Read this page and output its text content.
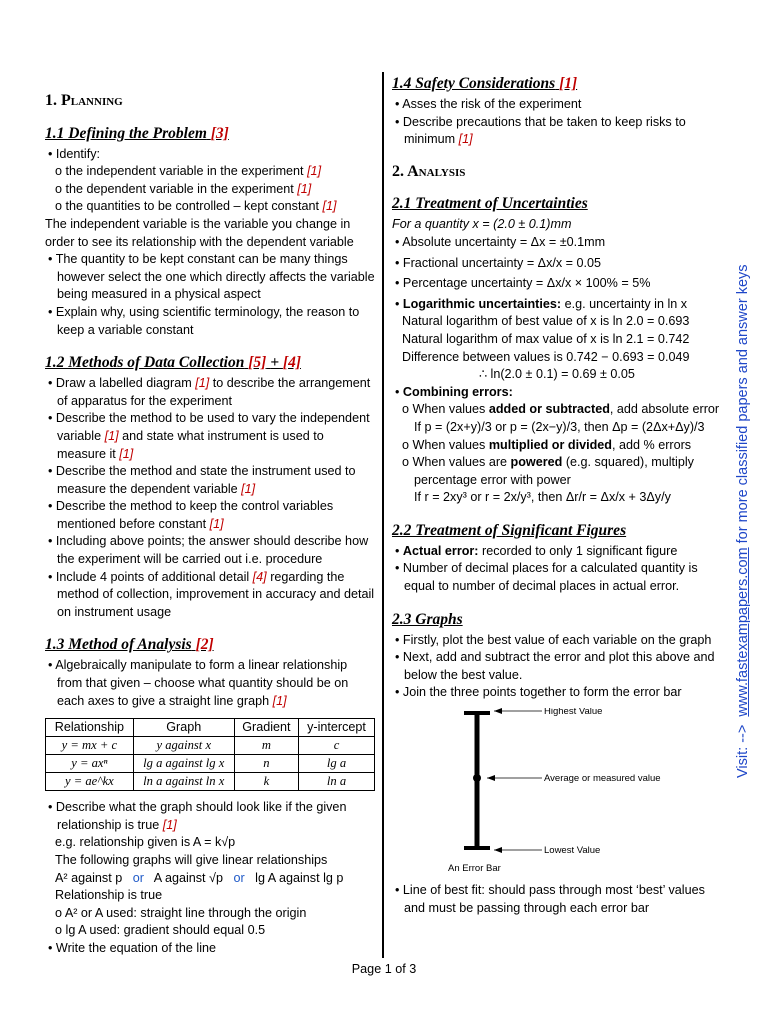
1. Planning
1.1 Defining the Problem [3]
• Identify:
o the independent variable in the experiment [1]
o the dependent variable in the experiment [1]
o the quantities to be controlled – kept constant [1]

The independent variable is the variable you change in order to see its relationship with the dependent variable

• The quantity to be kept constant can be many things however select the one which directly affects the variable being measured in a physical aspect
• Explain why, using scientific terminology, the reason to keep a variable constant
1.2 Methods of Data Collection [5] + [4]
• Draw a labelled diagram [1] to describe the arrangement of apparatus for the experiment
• Describe the method to be used to vary the independent variable [1] and state what instrument is used to measure it [1]
• Describe the method and state the instrument used to measure the dependent variable [1]
• Describe the method to keep the control variables mentioned before constant [1]
• Including above points; the answer should describe how the experiment will be carried out i.e. procedure
• Include 4 points of additional detail [4] regarding the method of collection, improvement in accuracy and detail on instrument usage
1.3 Method of Analysis [2]
• Algebraically manipulate to form a linear relationship from that given – choose what quantity should be on each axes to give a straight line graph [1]
Relationship	Graph	Gradient	y-intercept
y = mx + c	y against x	m	c
y = axⁿ	lg a against lg x	n	lg a
y = ae^kx	ln a against ln x	k	ln a
• Describe what the graph should look like if the given relationship is true [1]
e.g. relationship given is A = k√p
The following graphs will give linear relationships
A² against p or A against √p or lg A against lg p
Relationship is true
o A² or A used: straight line through the origin
o lg A used: gradient should equal 0.5
• Write the equation of the line
1.4 Safety Considerations [1]
• Asses the risk of the experiment
• Describe precautions that be taken to keep risks to minimum [1]
2. Analysis
2.1 Treatment of Uncertainties
For a quantity x = (2.0 ± 0.1)mm
• Absolute uncertainty = Δx = ±0.1mm
• Fractional uncertainty = Δx/x = 0.05
• Percentage uncertainty = Δx/x × 100% = 5%
• Logarithmic uncertainties: e.g. uncertainty in ln x
Natural logarithm of best value of x is ln 2.0 = 0.693
Natural logarithm of max value of x is ln 2.1 = 0.742
Difference between values is 0.742 − 0.693 = 0.049
∴ ln(2.0 ± 0.1) = 0.69 ± 0.05
• Combining errors:
o When values added or subtracted, add absolute error
If p = (2x+y)/3 or p = (2x−y)/3, then Δp = (2Δx+Δy)/3
o When values multiplied or divided, add % errors
o When values are powered (e.g. squared), multiply percentage error with power
If r = 2xy³ or r = 2x/y³, then Δr/r = Δx/x + 3Δy/y
2.2 Treatment of Significant Figures
• Actual error: recorded to only 1 significant figure
• Number of decimal places for a calculated quantity is equal to number of decimal places in actual error.
2.3 Graphs
• Firstly, plot the best value of each variable on the graph
• Next, add and subtract the error and plot this above and below the best value.
• Join the three points together to form the error bar
Highest Value
Average or measured value
Lowest Value
An Error Bar
• Line of best fit: should pass through most ‘best’ values and must be passing through each error bar
Page 1 of 3
Visit: -->  www.fastexampapers.com for more classified papers and answer keys
